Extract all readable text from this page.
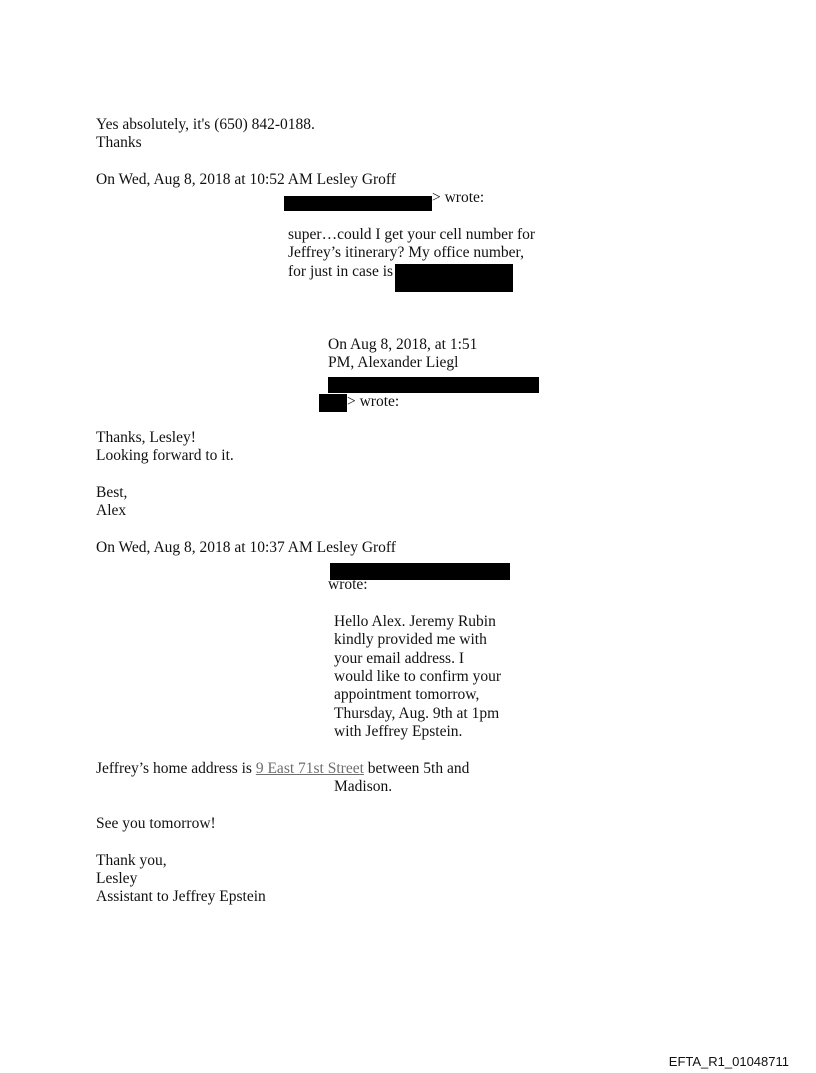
Yes absolutely, it's (650) 842-0188.
Thanks
On Wed, Aug 8, 2018 at 10:52 AM Lesley Groff
> wrote:
super…could I get your cell number for
Jeffrey’s itinerary? My office number,
for just in case is
On Aug 8, 2018, at 1:51
PM, Alexander Liegl
> wrote:
Thanks, Lesley!
Looking forward to it.
Best,
Alex
On Wed, Aug 8, 2018 at 10:37 AM Lesley Groff
wrote:
Hello Alex. Jeremy Rubin
kindly provided me with
your email address. I
would like to confirm your
appointment tomorrow,
Thursday, Aug. 9th at 1pm
with Jeffrey Epstein.
Jeffrey’s home address is 9 East 71st Street between 5th and
Madison.
See you tomorrow!
Thank you,
Lesley
Assistant to Jeffrey Epstein
EFTA_R1_01048711
